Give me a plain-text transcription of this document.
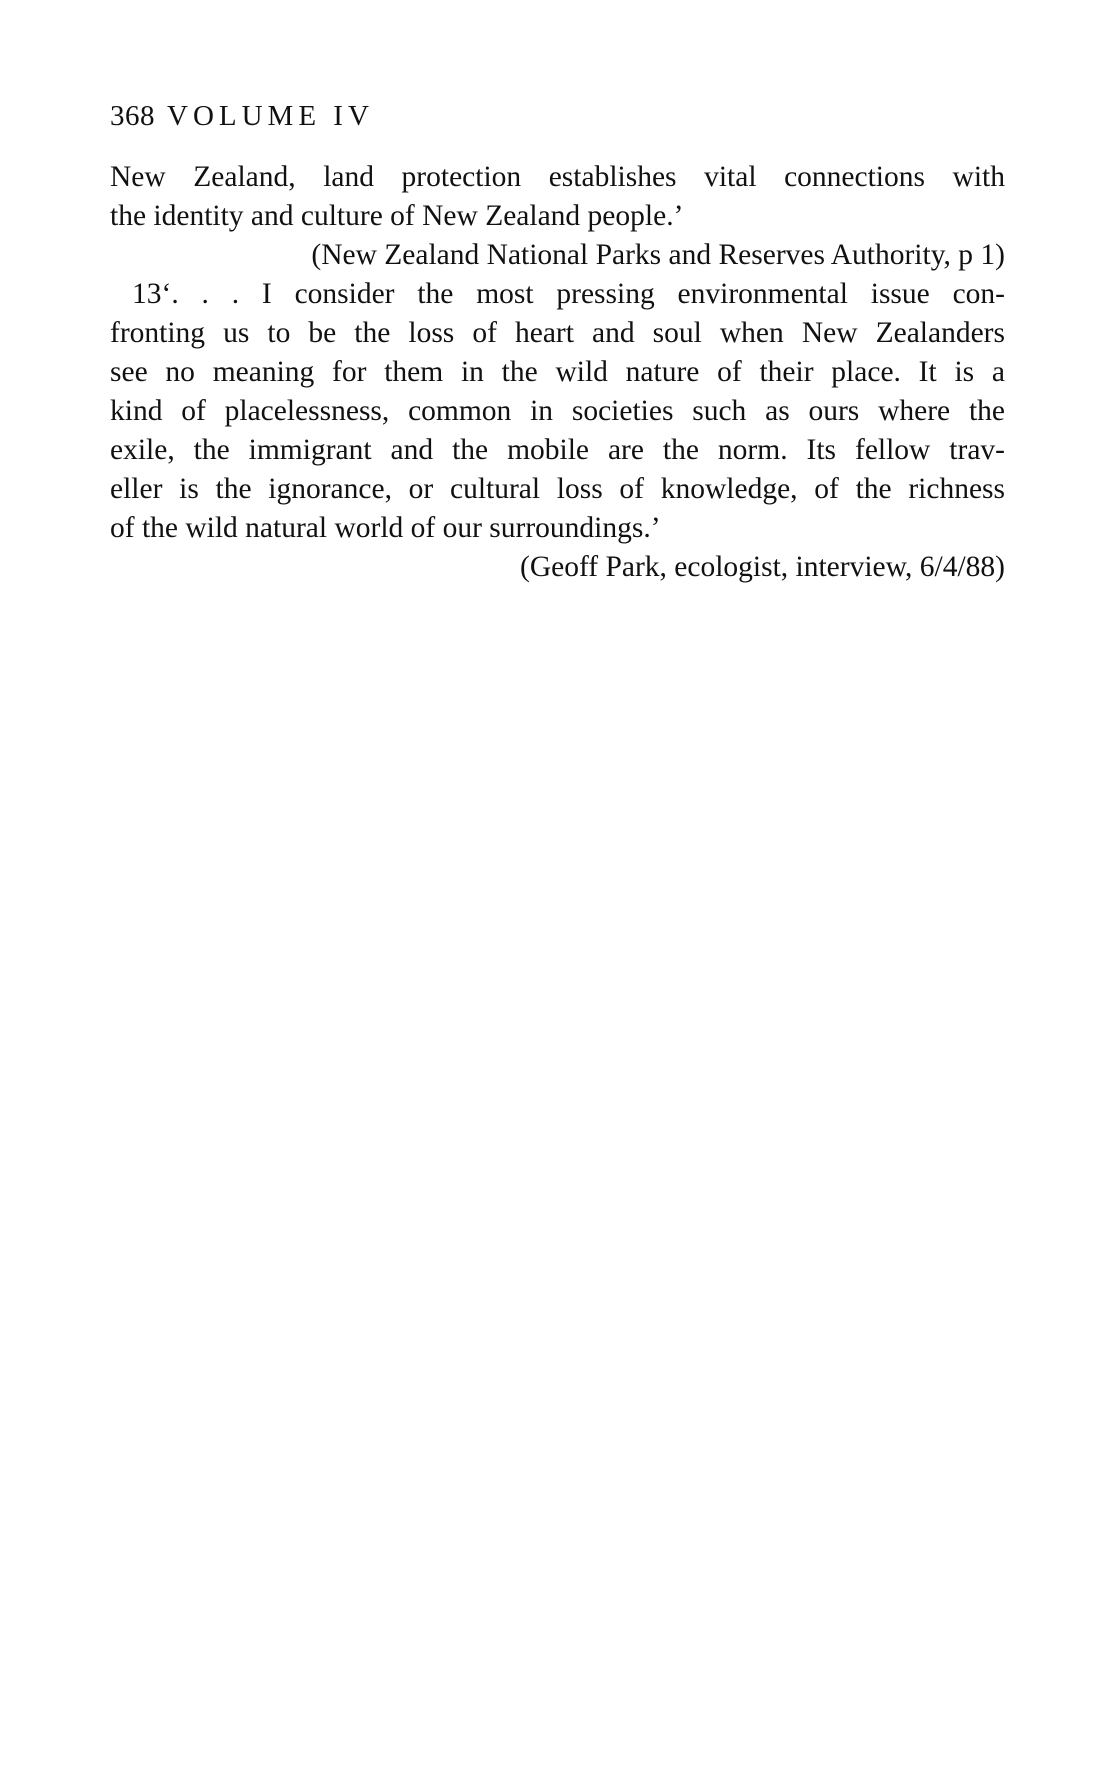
368 VOLUME IV
New Zealand, land protection establishes vital connections with
the identity and culture of New Zealand people.’
(New Zealand National Parks and Reserves Authority, p 1)
13‘. . . I consider the most pressing environmental issue con-
fronting us to be the loss of heart and soul when New Zealanders
see no meaning for them in the wild nature of their place. It is a
kind of placelessness, common in societies such as ours where the
exile, the immigrant and the mobile are the norm. Its fellow trav-
eller is the ignorance, or cultural loss of knowledge, of the richness
of the wild natural world of our surroundings.’
(Geoff Park, ecologist, interview, 6/4/88)
